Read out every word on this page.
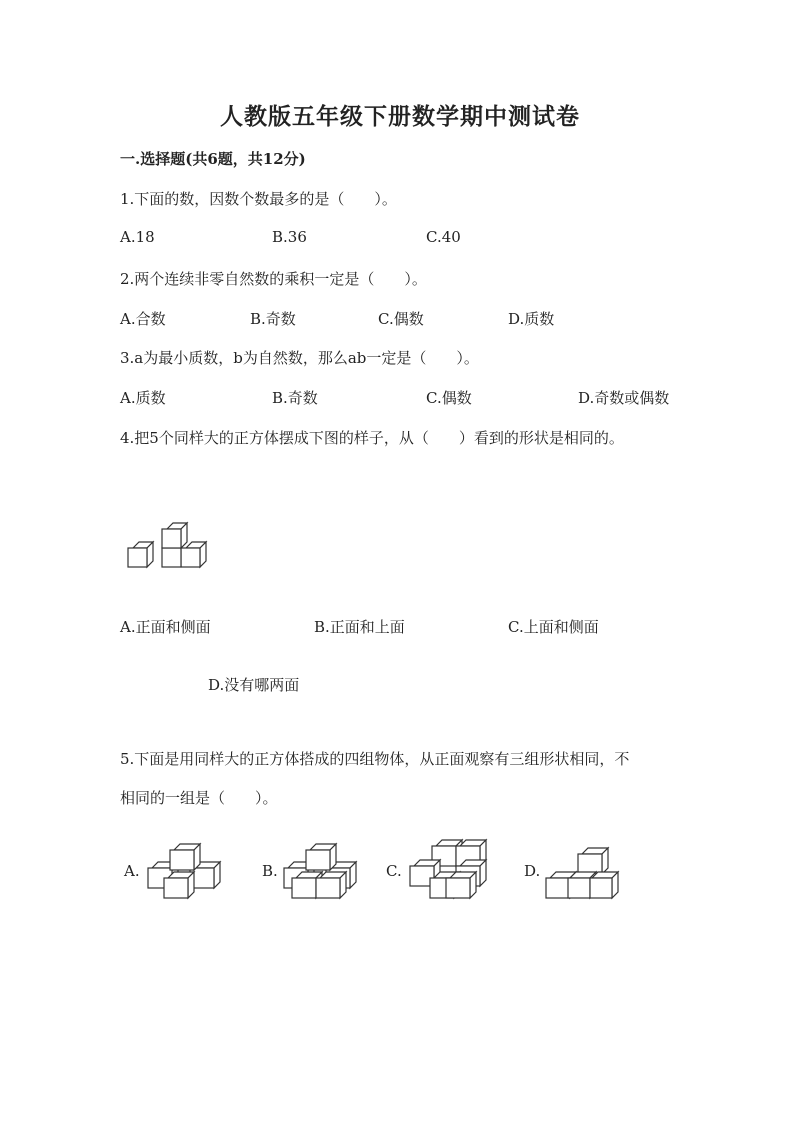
人教版五年级下册数学期中测试卷
一.选择题(共6题，共12分)
1.下面的数，因数个数最多的是（　　）。
A.18	B.36	C.40
2.两个连续非零自然数的乘积一定是（　　）。
A.合数	B.奇数	C.偶数	D.质数
3.a为最小质数，b为自然数，那么ab一定是（　　）。
A.质数	B.奇数	C.偶数	D.奇数或偶数
4.把5个同样大的正方体摆成下图的样子，从（　　）看到的形状是相同的。
A.正面和侧面	B.正面和上面	C.上面和侧面
D.没有哪两面
5.下面是用同样大的正方体搭成的四组物体，从正面观察有三组形状相同，不
相同的一组是（　　）。
A.	B.	C.	D.
